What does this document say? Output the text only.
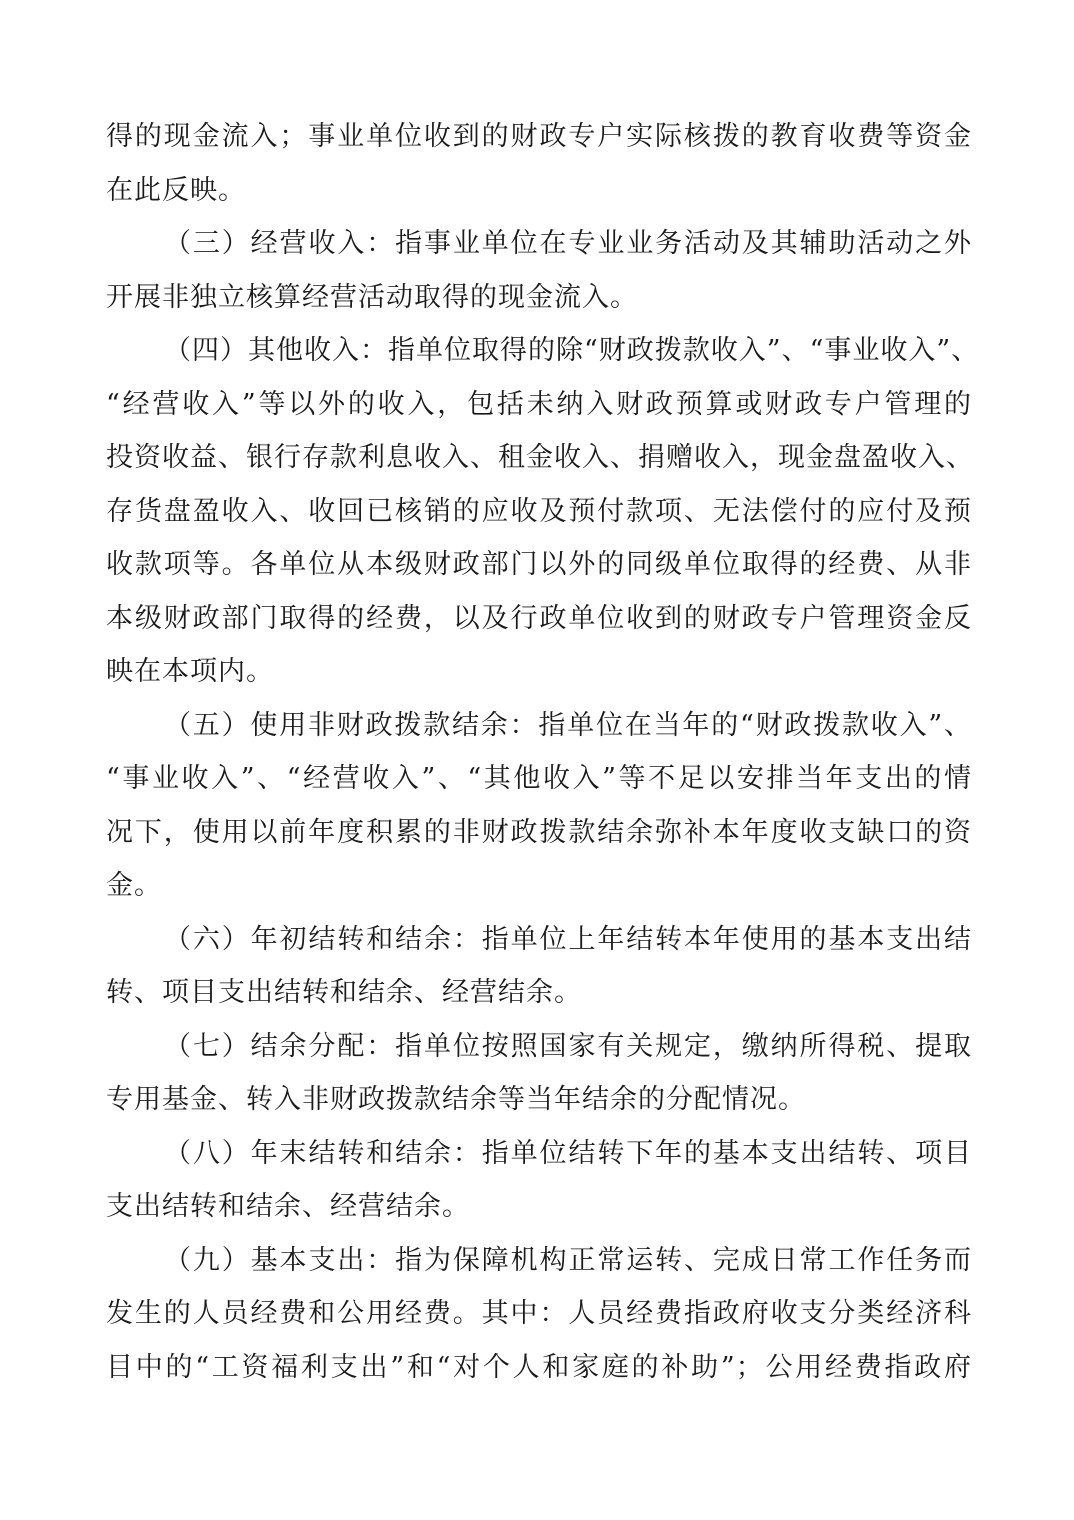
得的现金流入；事业单位收到的财政专户实际核拨的教育收费等资金
在此反映。
（三）经营收入：指事业单位在专业业务活动及其辅助活动之外
开展非独立核算经营活动取得的现金流入。
（四）其他收入：指单位取得的除“财政拨款收入”、“事业收入”、
“经营收入”等以外的收入，包括未纳入财政预算或财政专户管理的
投资收益、银行存款利息收入、租金收入、捐赠收入，现金盘盈收入、
存货盘盈收入、收回已核销的应收及预付款项、无法偿付的应付及预
收款项等。各单位从本级财政部门以外的同级单位取得的经费、从非
本级财政部门取得的经费，以及行政单位收到的财政专户管理资金反
映在本项内。
（五）使用非财政拨款结余：指单位在当年的“财政拨款收入”、
“事业收入”、“经营收入”、“其他收入”等不足以安排当年支出的情
况下，使用以前年度积累的非财政拨款结余弥补本年度收支缺口的资
金。
（六）年初结转和结余：指单位上年结转本年使用的基本支出结
转、项目支出结转和结余、经营结余。
（七）结余分配：指单位按照国家有关规定，缴纳所得税、提取
专用基金、转入非财政拨款结余等当年结余的分配情况。
（八）年末结转和结余：指单位结转下年的基本支出结转、项目
支出结转和结余、经营结余。
（九）基本支出：指为保障机构正常运转、完成日常工作任务而
发生的人员经费和公用经费。其中：人员经费指政府收支分类经济科
目中的“工资福利支出”和“对个人和家庭的补助”；公用经费指政府
